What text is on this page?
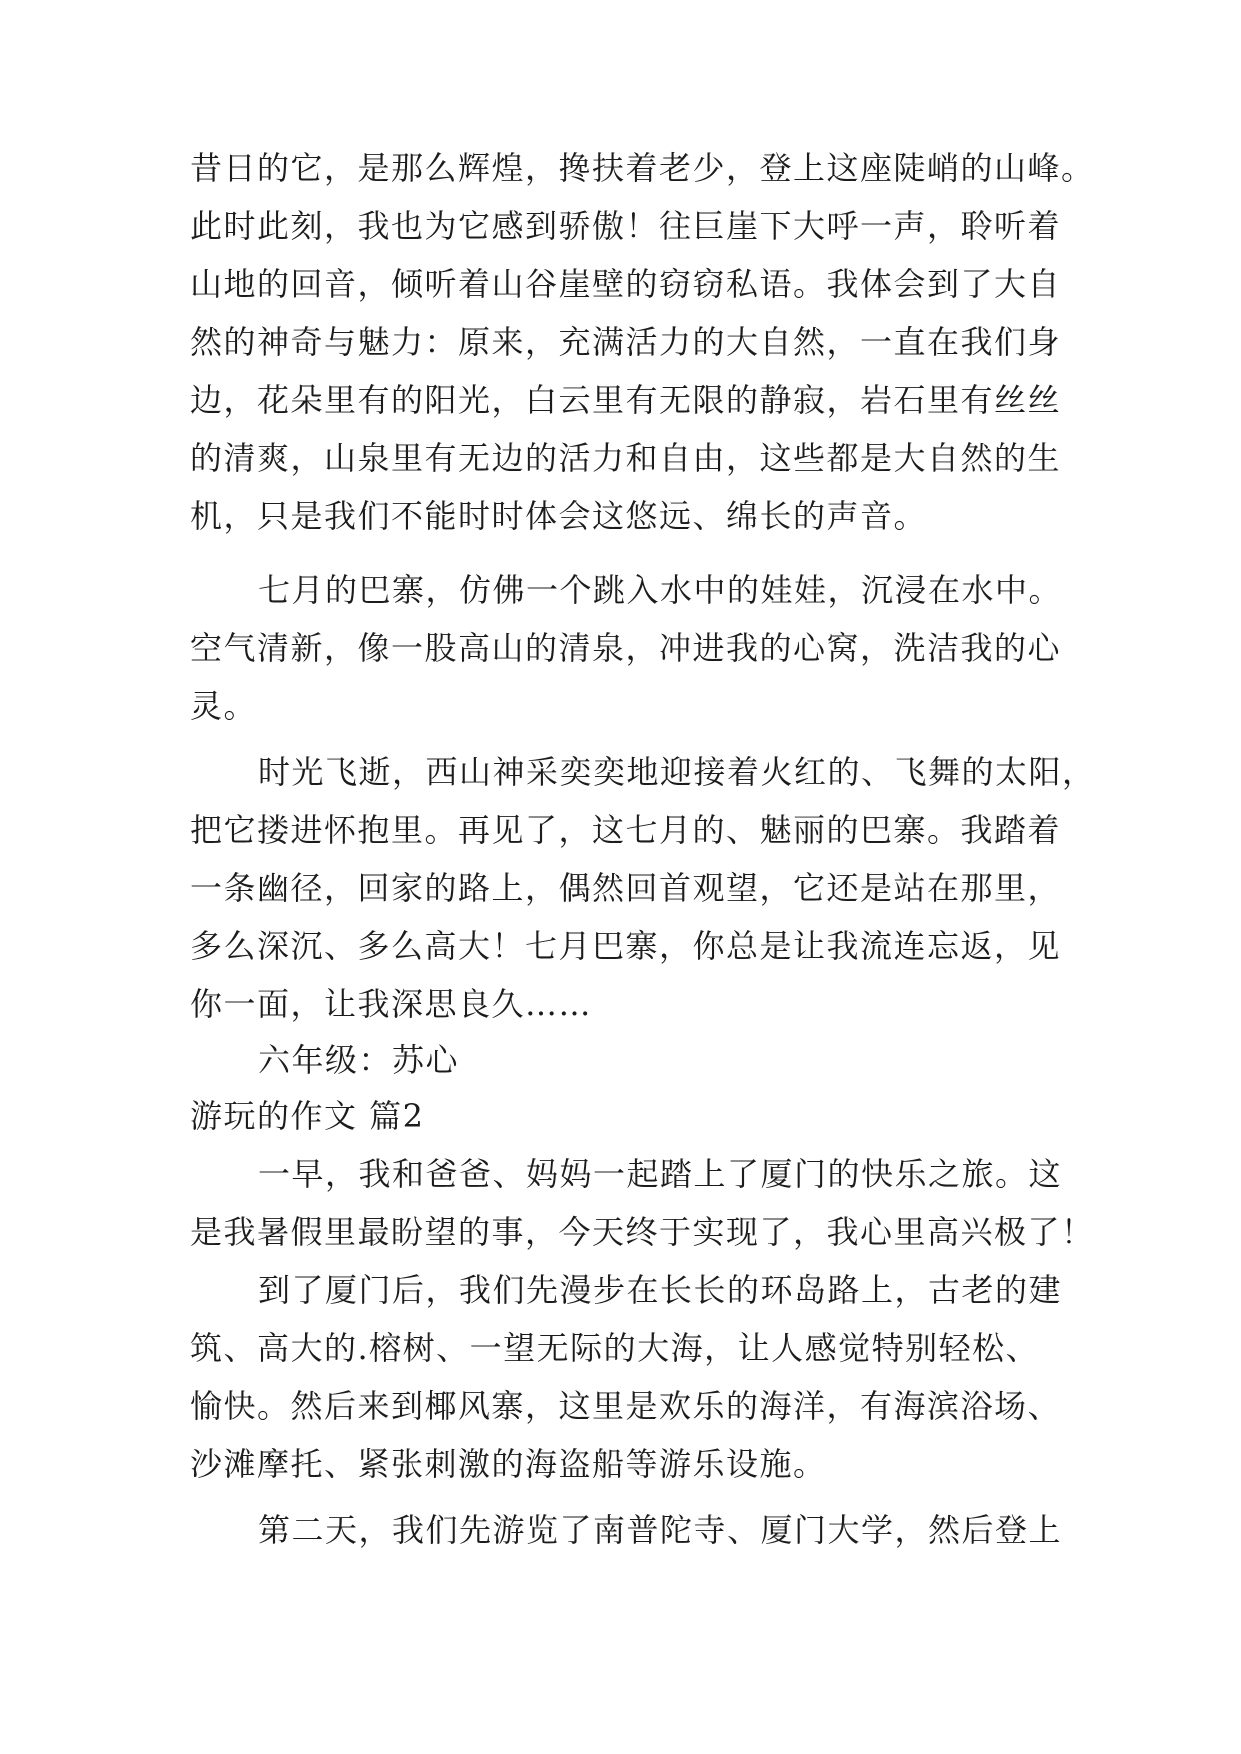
昔日的它，是那么辉煌，搀扶着老少，登上这座陡峭的山峰。
此时此刻，我也为它感到骄傲！往巨崖下大呼一声，聆听着
山地的回音，倾听着山谷崖壁的窃窃私语。我体会到了大自
然的神奇与魅力：原来，充满活力的大自然，一直在我们身
边，花朵里有的阳光，白云里有无限的静寂，岩石里有丝丝
的清爽，山泉里有无边的活力和自由，这些都是大自然的生
机，只是我们不能时时体会这悠远、绵长的声音。
七月的巴寨，仿佛一个跳入水中的娃娃，沉浸在水中。
空气清新，像一股高山的清泉，冲进我的心窝，洗洁我的心
灵。
时光飞逝，西山神采奕奕地迎接着火红的、飞舞的太阳，
把它搂进怀抱里。再见了，这七月的、魅丽的巴寨。我踏着
一条幽径，回家的路上，偶然回首观望，它还是站在那里，
多么深沉、多么高大！七月巴寨，你总是让我流连忘返，见
你一面，让我深思良久……
六年级：苏心
游玩的作文 篇2
一早，我和爸爸、妈妈一起踏上了厦门的快乐之旅。这
是我暑假里最盼望的事，今天终于实现了，我心里高兴极了！
到了厦门后，我们先漫步在长长的环岛路上，古老的建
筑、高大的.榕树、一望无际的大海，让人感觉特别轻松、
愉快。然后来到椰风寨，这里是欢乐的海洋，有海滨浴场、
沙滩摩托、紧张刺激的海盗船等游乐设施。
第二天，我们先游览了南普陀寺、厦门大学，然后登上
